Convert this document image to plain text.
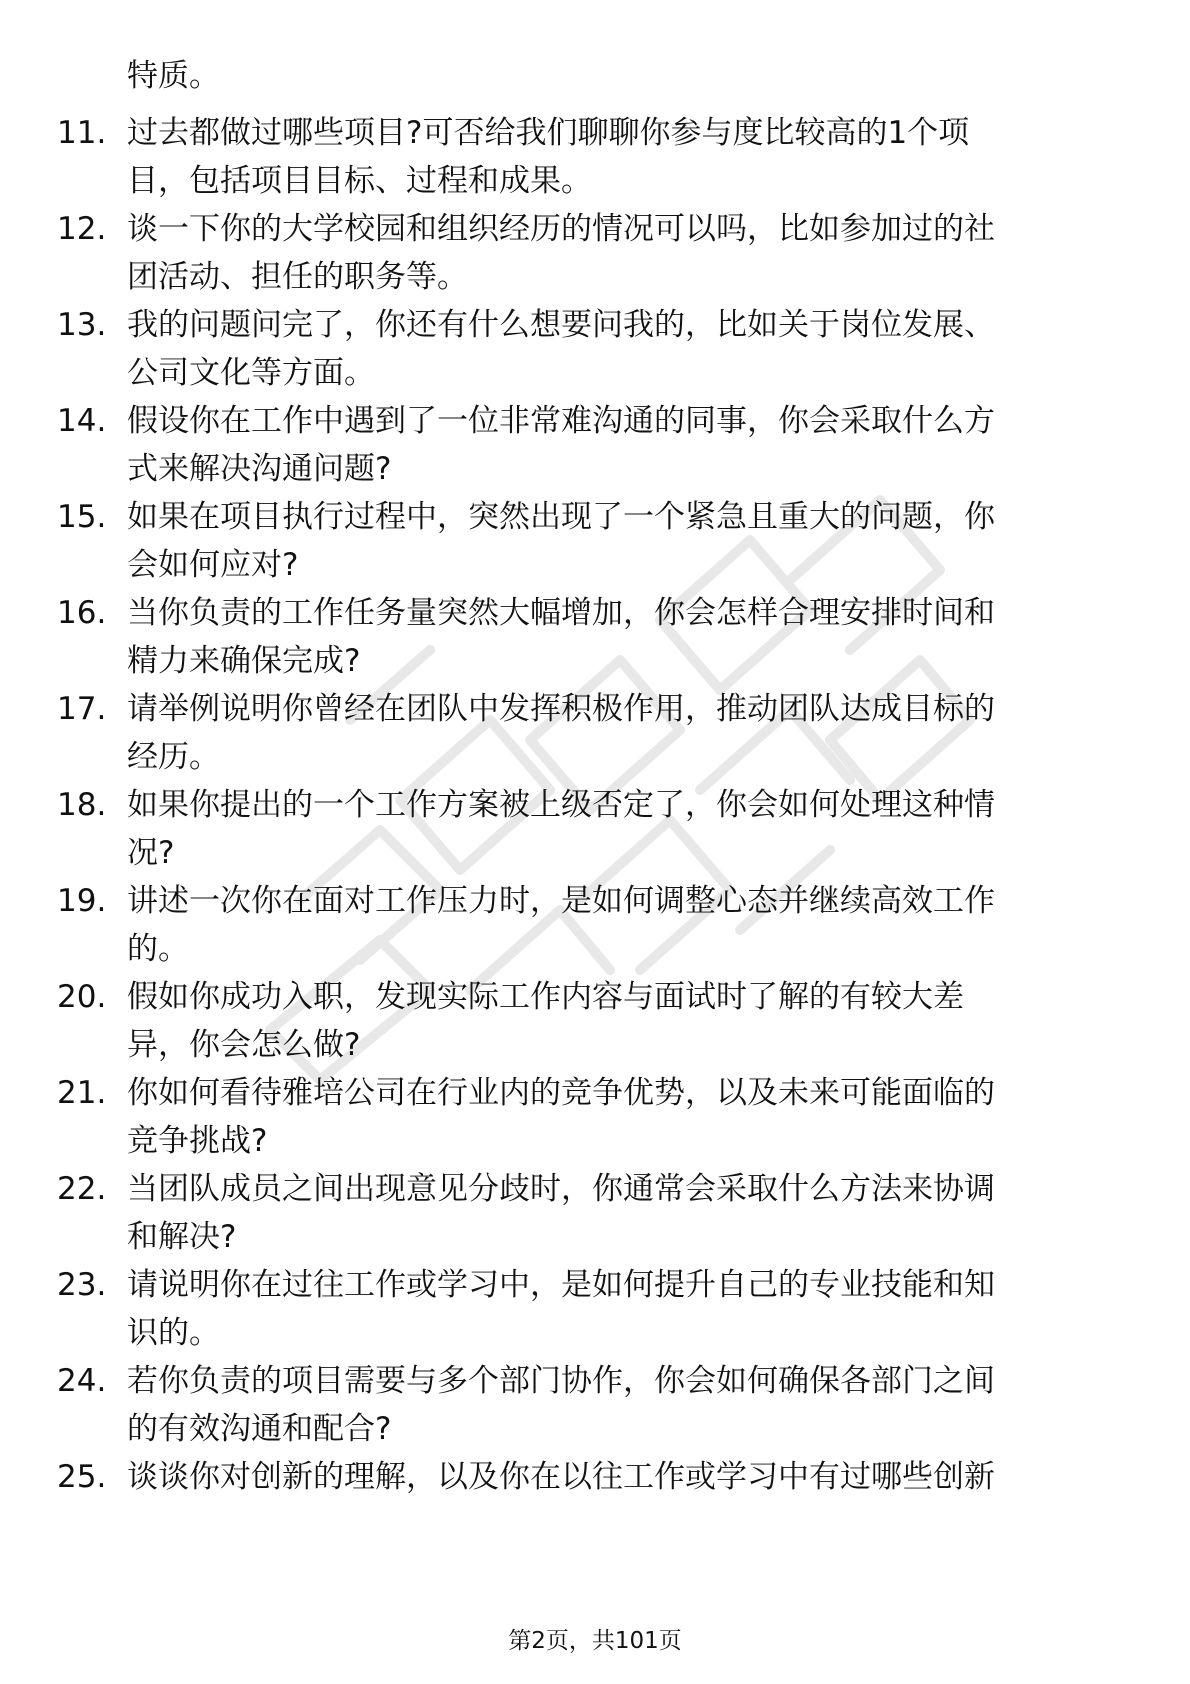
特质。

11. 过去都做过哪些项目?可否给我们聊聊你参与度比较高的1个项
目，包括项目目标、过程和成果。

12. 谈一下你的大学校园和组织经历的情况可以吗，比如参加过的社
团活动、担任的职务等。

13. 我的问题问完了，你还有什么想要问我的，比如关于岗位发展、
公司文化等方面。

14. 假设你在工作中遇到了一位非常难沟通的同事，你会采取什么方
式来解决沟通问题?

15. 如果在项目执行过程中，突然出现了一个紧急且重大的问题，你
会如何应对?

16. 当你负责的工作任务量突然大幅增加，你会怎样合理安排时间和
精力来确保完成?

17. 请举例说明你曾经在团队中发挥积极作用，推动团队达成目标的
经历。

18. 如果你提出的一个工作方案被上级否定了，你会如何处理这种情
况?

19. 讲述一次你在面对工作压力时，是如何调整心态并继续高效工作
的。

20. 假如你成功入职，发现实际工作内容与面试时了解的有较大差
异，你会怎么做?

21. 你如何看待雅培公司在行业内的竞争优势，以及未来可能面临的
竞争挑战?

22. 当团队成员之间出现意见分歧时，你通常会采取什么方法来协调
和解决?

23. 请说明你在过往工作或学习中，是如何提升自己的专业技能和知
识的。

24. 若你负责的项目需要与多个部门协作，你会如何确保各部门之间
的有效沟通和配合?

25. 谈谈你对创新的理解，以及你在以往工作或学习中有过哪些创新

第2页，共101页
